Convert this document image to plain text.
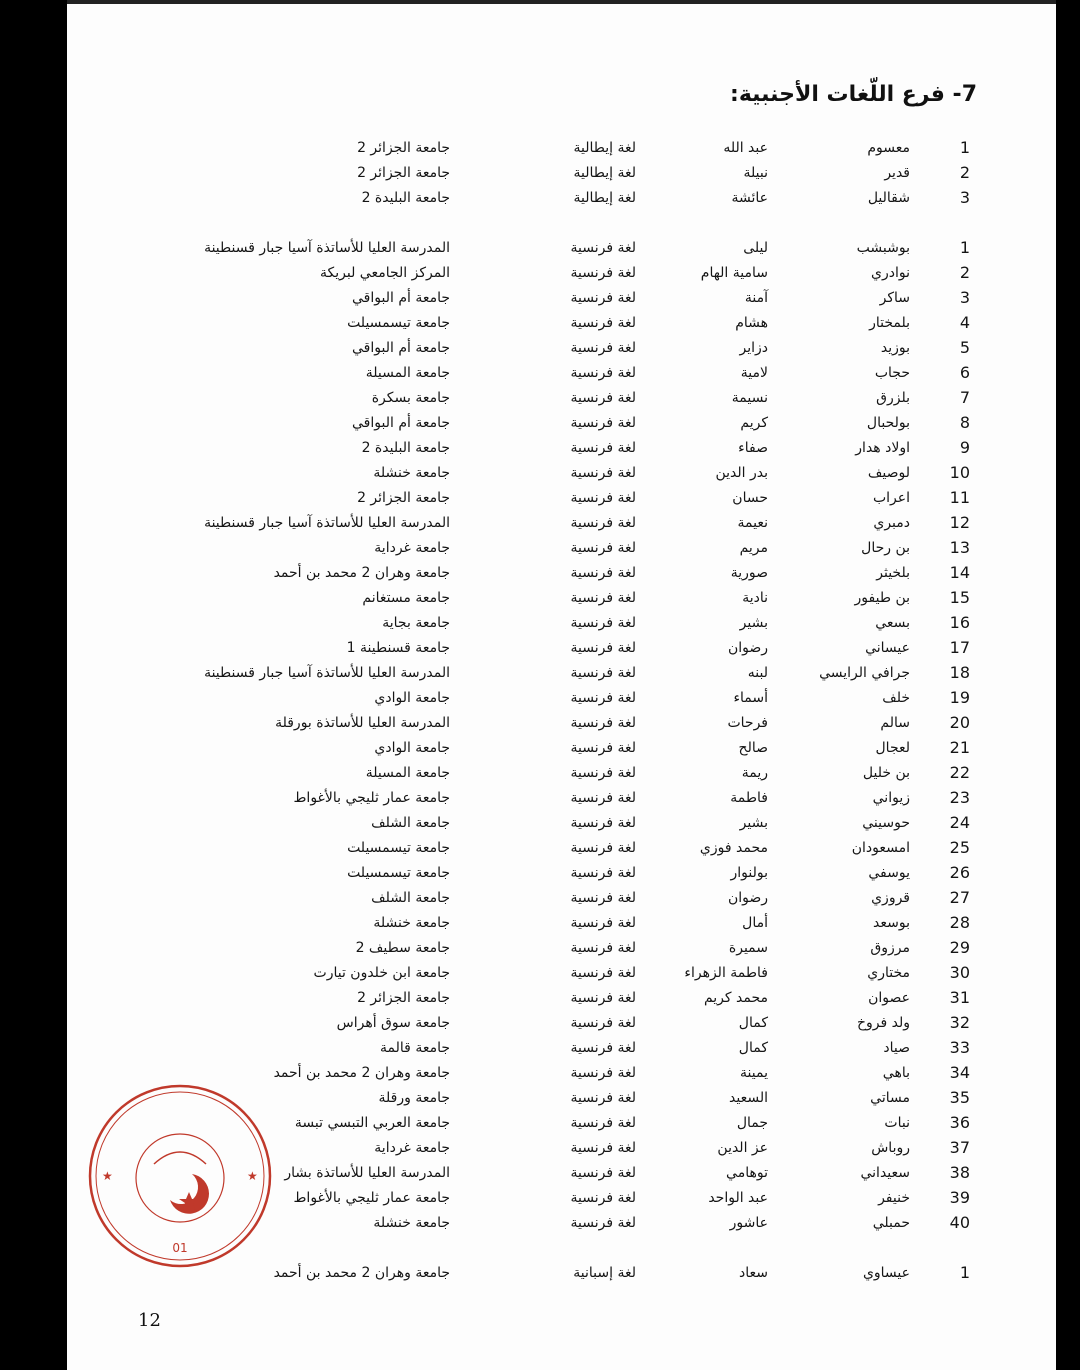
7- فرع اللّغات الأجنبية:
1
معسوم
عبد الله
لغة إيطالية
جامعة الجزائر 2
2
قدير
نبيلة
لغة إيطالية
جامعة الجزائر 2
3
شقاليل
عائشة
لغة إيطالية
جامعة البليدة 2
1
بوشبشب
ليلى
لغة فرنسية
المدرسة العليا للأساتذة آسيا جبار قسنطينة
2
نوادري
سامية الهام
لغة فرنسية
المركز الجامعي لبريكة
3
ساكر
آمنة
لغة فرنسية
جامعة أم البواقي
4
بلمختار
هشام
لغة فرنسية
جامعة تيسمسيلت
5
بوزيد
دزاير
لغة فرنسية
جامعة أم البواقي
6
حجاب
لامية
لغة فرنسية
جامعة المسيلة
7
بلزرق
نسيمة
لغة فرنسية
جامعة بسكرة
8
بولحبال
كريم
لغة فرنسية
جامعة أم البواقي
9
اولاد هدار
صفاء
لغة فرنسية
جامعة البليدة 2
10
لوصيف
بدر الدين
لغة فرنسية
جامعة خنشلة
11
اعراب
حسان
لغة فرنسية
جامعة الجزائر 2
12
دمبري
نعيمة
لغة فرنسية
المدرسة العليا للأساتذة آسيا جبار قسنطينة
13
بن رحال
مريم
لغة فرنسية
جامعة غرداية
14
بلخيثر
صورية
لغة فرنسية
جامعة وهران 2 محمد بن أحمد
15
بن طيفور
نادية
لغة فرنسية
جامعة مستغانم
16
بسعي
بشير
لغة فرنسية
جامعة بجاية
17
عيساني
رضوان
لغة فرنسية
جامعة قسنطينة 1
18
جرافي الرايسي
لبنه
لغة فرنسية
المدرسة العليا للأساتذة آسيا جبار قسنطينة
19
خلف
أسماء
لغة فرنسية
جامعة الوادي
20
سالم
فرحات
لغة فرنسية
المدرسة العليا للأساتذة بورقلة
21
لعجال
صالح
لغة فرنسية
جامعة الوادي
22
بن خليل
ريمة
لغة فرنسية
جامعة المسيلة
23
زيواني
فاطمة
لغة فرنسية
جامعة عمار ثليجي بالأغواط
24
حوسيني
بشير
لغة فرنسية
جامعة الشلف
25
امسعودان
محمد فوزي
لغة فرنسية
جامعة تيسمسيلت
26
يوسفي
بولنوار
لغة فرنسية
جامعة تيسمسيلت
27
قروزي
رضوان
لغة فرنسية
جامعة الشلف
28
بوسعد
أمال
لغة فرنسية
جامعة خنشلة
29
مرزوق
سميرة
لغة فرنسية
جامعة سطيف 2
30
مختاري
فاطمة الزهراء
لغة فرنسية
جامعة ابن خلدون تيارت
31
عصوان
محمد كريم
لغة فرنسية
جامعة الجزائر 2
32
ولد فروخ
كمال
لغة فرنسية
جامعة سوق أهراس
33
صياد
كمال
لغة فرنسية
جامعة قالمة
34
باهي
يمينة
لغة فرنسية
جامعة وهران 2 محمد بن أحمد
35
مساتي
السعيد
لغة فرنسية
جامعة ورقلة
36
نبات
جمال
لغة فرنسية
جامعة العربي التبسي تبسة
37
روباش
عز الدين
لغة فرنسية
جامعة غرداية
38
سعيداني
توهامي
لغة فرنسية
المدرسة العليا للأساتذة بشار
39
خنيفر
عبد الواحد
لغة فرنسية
جامعة عمار ثليجي بالأغواط
40
حمبلي
عاشور
لغة فرنسية
جامعة خنشلة
1
عيساوي
سعاد
لغة إسبانية
جامعة وهران 2 محمد بن أحمد
★	★
01
12
